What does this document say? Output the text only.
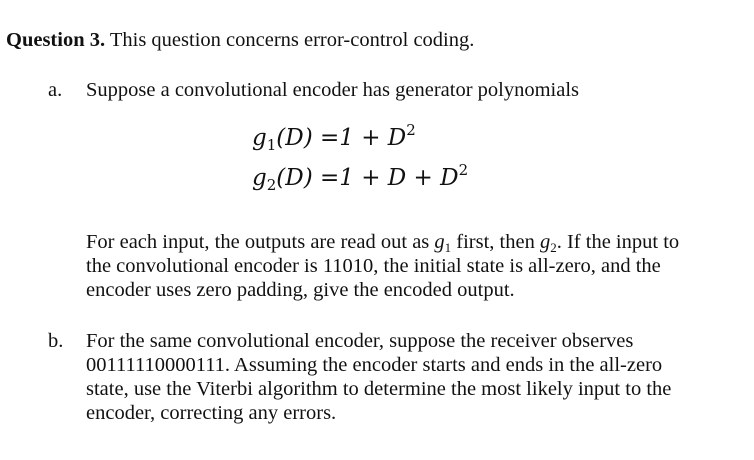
Question 3. This question concerns error-control coding.
a. Suppose a convolutional encoder has generator polynomials
$g_1(D) =1 + D^2$
$g_2(D) =1 + D + D^2$
For each input, the outputs are read out as $g_1$ first, then $g_2$. If the input to
the convolutional encoder is 11010, the initial state is all-zero, and the
encoder uses zero padding, give the encoded output.
b. For the same convolutional encoder, suppose the receiver observes
00111110000111. Assuming the encoder starts and ends in the all-zero
state, use the Viterbi algorithm to determine the most likely input to the
encoder, correcting any errors.
